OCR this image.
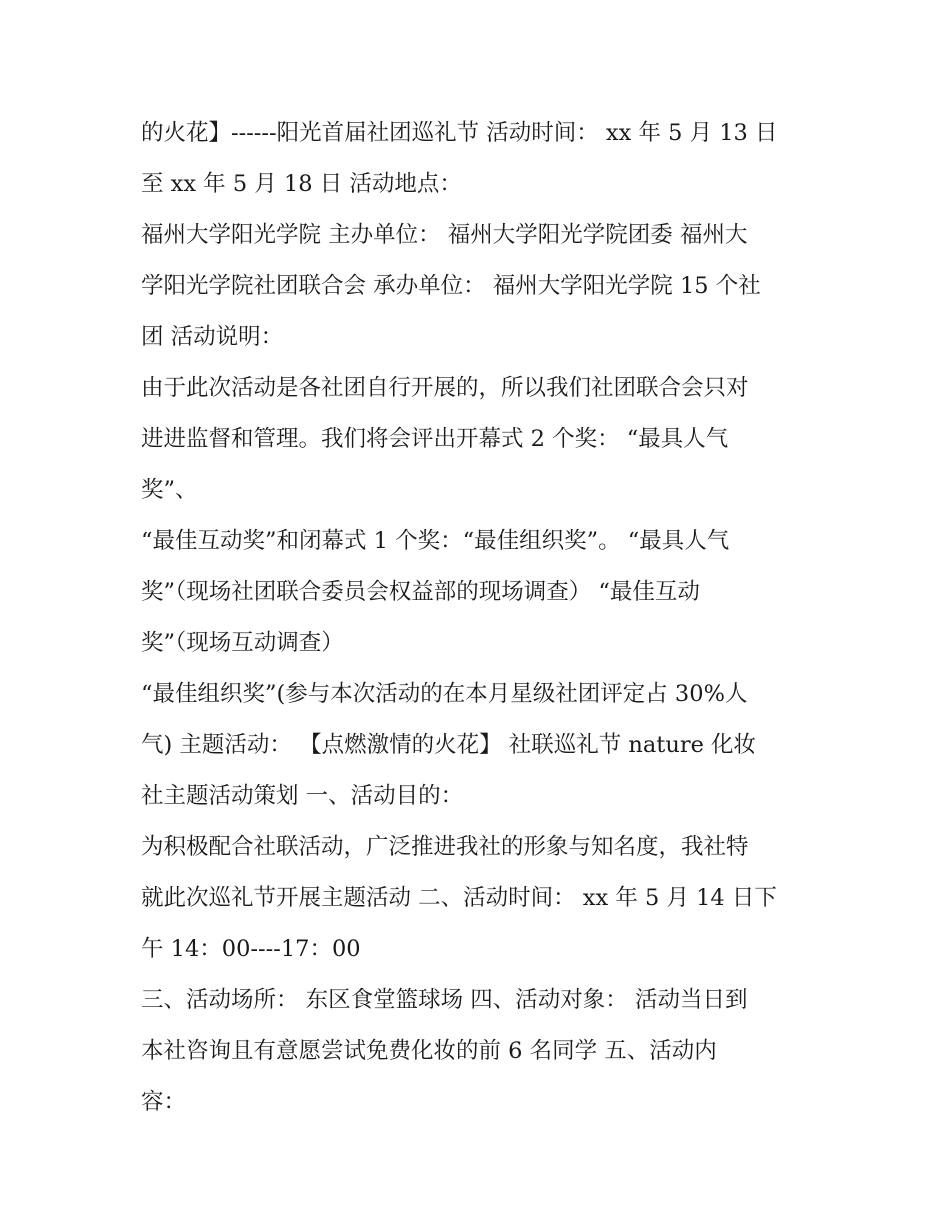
的火花】------阳光首届社团巡礼节 活动时间： xx 年 5 月 13 日
至 xx 年 5 月 18 日 活动地点：
福州大学阳光学院 主办单位： 福州大学阳光学院团委 福州大
学阳光学院社团联合会 承办单位： 福州大学阳光学院 15 个社
团 活动说明：
由于此次活动是各社团自行开展的，所以我们社团联合会只对
进进监督和管理。我们将会评出开幕式 2 个奖： “最具人气
奖”、
“最佳互动奖”和闭幕式 1 个奖：“最佳组织奖”。 “最具人气
奖”（现场社团联合委员会权益部的现场调查） “最佳互动
奖”（现场互动调查）
“最佳组织奖”(参与本次活动的在本月星级社团评定占 30%人
气) 主题活动： 【点燃激情的火花】 社联巡礼节 nature 化妆
社主题活动策划 一、活动目的：
为积极配合社联活动，广泛推进我社的形象与知名度，我社特
就此次巡礼节开展主题活动 二、活动时间： xx 年 5 月 14 日下
午 14：00----17：00
三、活动场所： 东区食堂篮球场 四、活动对象： 活动当日到
本社咨询且有意愿尝试免费化妆的前 6 名同学 五、活动内
容：
